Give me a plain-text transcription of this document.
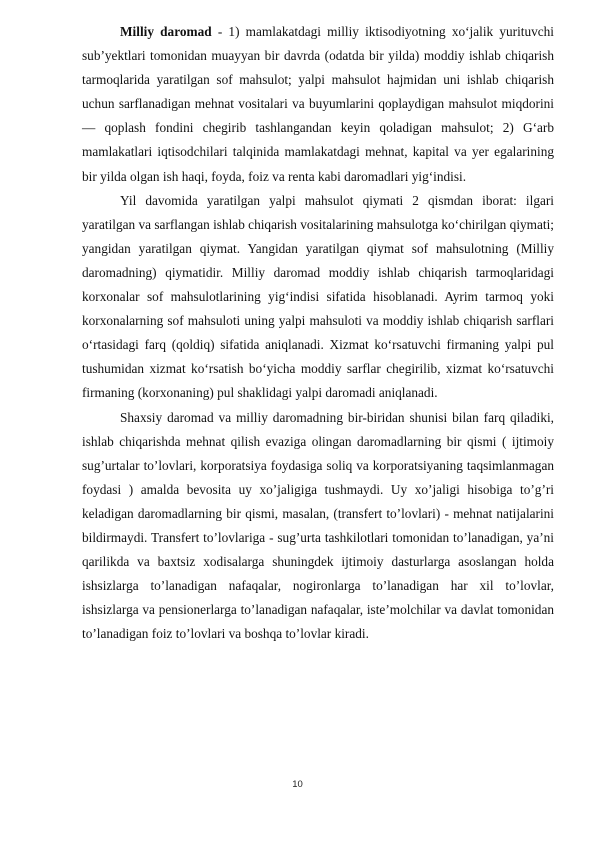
Milliy daromad - 1) mamlakatdagi milliy iktisodiyotning xo‘jalik yurituvchi sub’yektlari tomonidan muayyan bir davrda (odatda bir yilda) moddiy ishlab chiqarish tarmoqlarida yaratilgan sof mahsulot; yalpi mahsulot hajmidan uni ishlab chiqarish uchun sarflanadigan mehnat vositalari va buyumlarini qoplaydigan mahsulot miqdorini — qoplash fondini chegirib tashlangandan keyin qoladigan mahsulot; 2) G‘arb mamlakatlari iqtisodchilari talqinida mamlakatdagi mehnat, kapital va yer egalarining bir yilda olgan ish haqi, foyda, foiz va renta kabi daromadlari yig‘indisi.

Yil davomida yaratilgan yalpi mahsulot qiymati 2 qismdan iborat: ilgari yaratilgan va sarflangan ishlab chiqarish vositalarining mahsulotga ko‘chirilgan qiymati; yangidan yaratilgan qiymat. Yangidan yaratilgan qiymat sof mahsulotning (Milliy daromadning) qiymatidir. Milliy daromad moddiy ishlab chiqarish tarmoqlaridagi korxonalar sof mahsulotlarining yig‘indisi sifatida hisoblanadi. Ayrim tarmoq yoki korxonalarning sof mahsuloti uning yalpi mahsuloti va moddiy ishlab chiqarish sarflari o‘rtasidagi farq (qoldiq) sifatida aniqlanadi. Xizmat ko‘rsatuvchi firmaning yalpi pul tushumidan xizmat ko‘rsatish bo‘yicha moddiy sarflar chegirilib, xizmat ko‘rsatuvchi firmaning (korxonaning) pul shaklidagi yalpi daromadi aniqlanadi.

Shaxsiy daromad va milliy daromadning bir-biridan shunisi bilan farq qiladiki, ishlab chiqarishda mehnat qilish evaziga olingan daromadlarning bir qismi ( ijtimoiy sug’urtalar to’lovlari, korporatsiya foydasiga soliq va korporatsiyaning taqsimlanmagan foydasi ) amalda bevosita uy xo’jaligiga tushmaydi. Uy xo’jaligi hisobiga to’g’ri keladigan daromadlarning bir qismi, masalan, (transfert to’lovlari) - mehnat natijalarini bildirmaydi. Transfert to’lovlariga - sug’urta tashkilotlari tomonidan to’lanadigan, ya’ni qarilikda va baxtsiz xodisalarga shuningdek ijtimoiy dasturlarga asoslangan holda ishsizlarga to’lanadigan nafaqalar, nogironlarga to’lanadigan har xil to’lovlar, ishsizlarga va pensionerlarga to’lanadigan nafaqalar, iste’molchilar va davlat tomonidan to’lanadigan foiz to’lovlari va boshqa to’lovlar kiradi.

10
